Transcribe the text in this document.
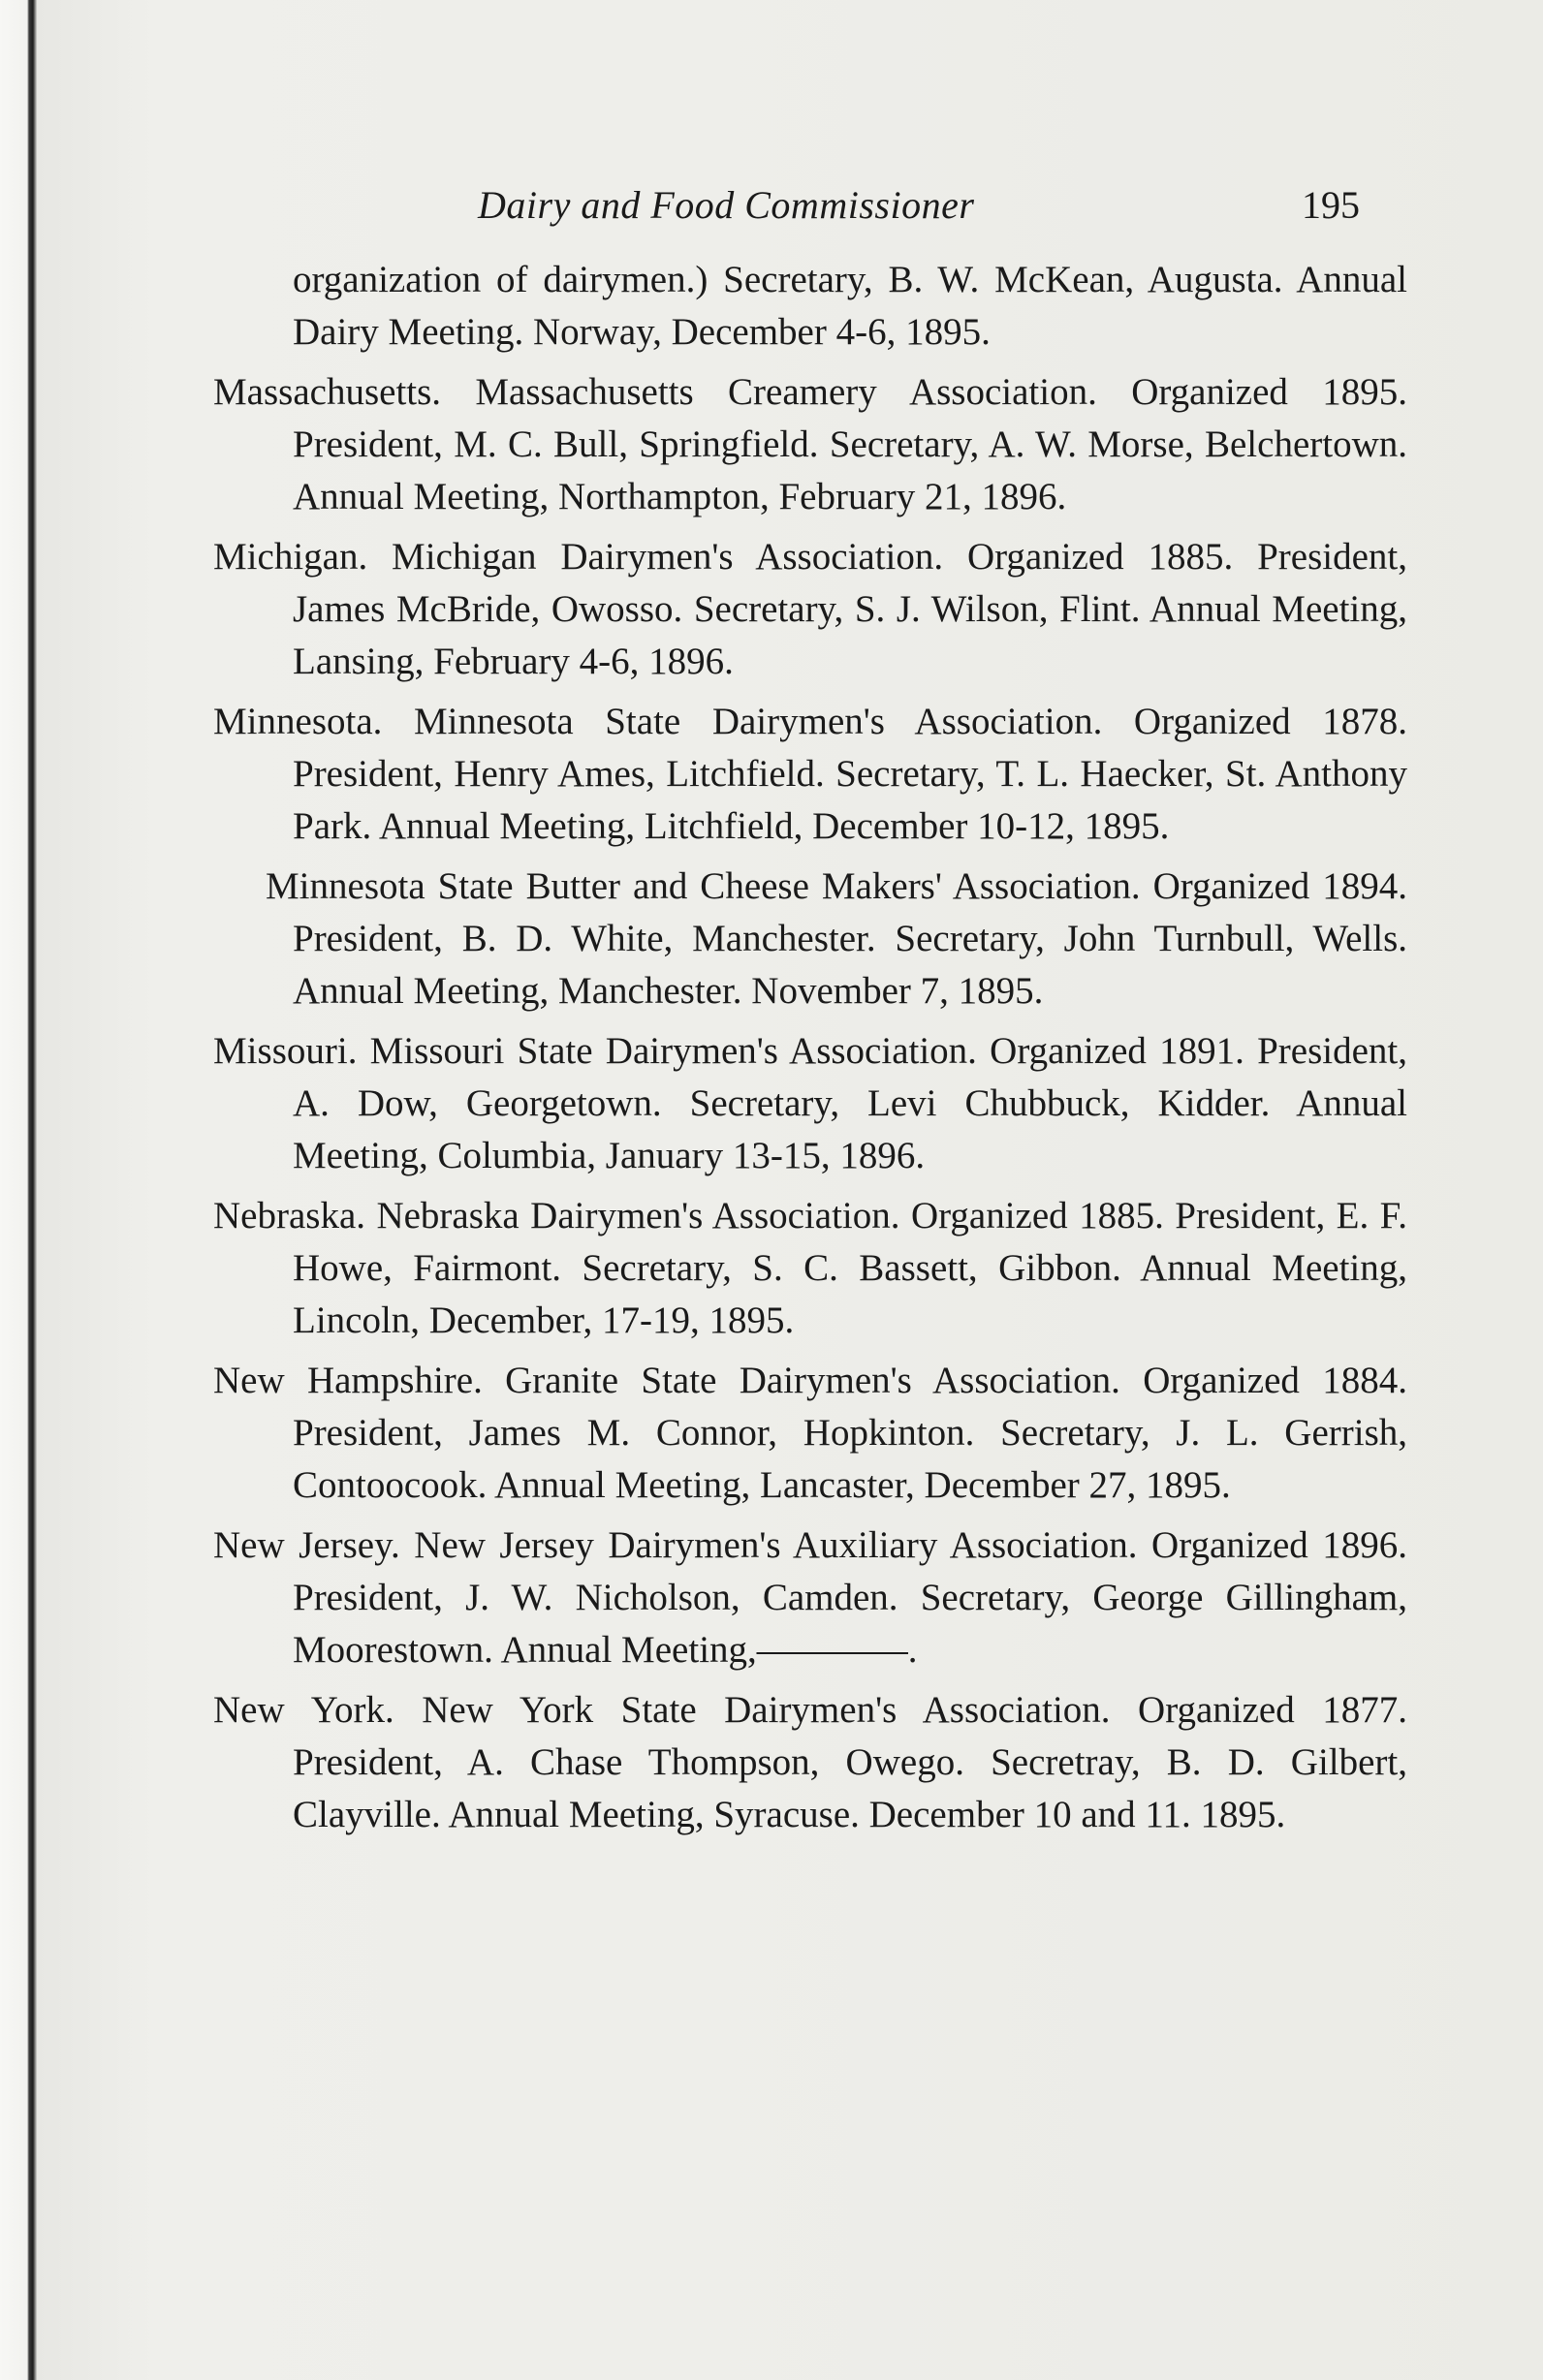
Dairy and Food Commissioner	195

organization of dairymen.) Secretary, B. W. McKean, Augusta. Annual Dairy Meeting. Norway, December 4-6, 1895.

Massachusetts. Massachusetts Creamery Association. Organized 1895. President, M. C. Bull, Springfield. Secretary, A. W. Morse, Belchertown. Annual Meeting, Northampton, February 21, 1896.

Michigan. Michigan Dairymen's Association. Organized 1885. President, James McBride, Owosso. Secretary, S. J. Wilson, Flint. Annual Meeting, Lansing, February 4-6, 1896.

Minnesota. Minnesota State Dairymen's Association. Organized 1878. President, Henry Ames, Litchfield. Secretary, T. L. Haecker, St. Anthony Park. Annual Meeting, Litchfield, December 10-12, 1895.

Minnesota State Butter and Cheese Makers' Association. Organized 1894. President, B. D. White, Manchester. Secretary, John Turnbull, Wells. Annual Meeting, Manchester. November 7, 1895.

Missouri. Missouri State Dairymen's Association. Organized 1891. President, A. Dow, Georgetown. Secretary, Levi Chubbuck, Kidder. Annual Meeting, Columbia, January 13-15, 1896.

Nebraska. Nebraska Dairymen's Association. Organized 1885. President, E. F. Howe, Fairmont. Secretary, S. C. Bassett, Gibbon. Annual Meeting, Lincoln, December, 17-19, 1895.

New Hampshire. Granite State Dairymen's Association. Organized 1884. President, James M. Connor, Hopkinton. Secretary, J. L. Gerrish, Contoocook. Annual Meeting, Lancaster, December 27, 1895.

New Jersey. New Jersey Dairymen's Auxiliary Association. Organized 1896. President, J. W. Nicholson, Camden. Secretary, George Gillingham, Moorestown. Annual Meeting,————.

New York. New York State Dairymen's Association. Organized 1877. President, A. Chase Thompson, Owego. Secretray, B. D. Gilbert, Clayville. Annual Meeting, Syracuse. December 10 and 11. 1895.
